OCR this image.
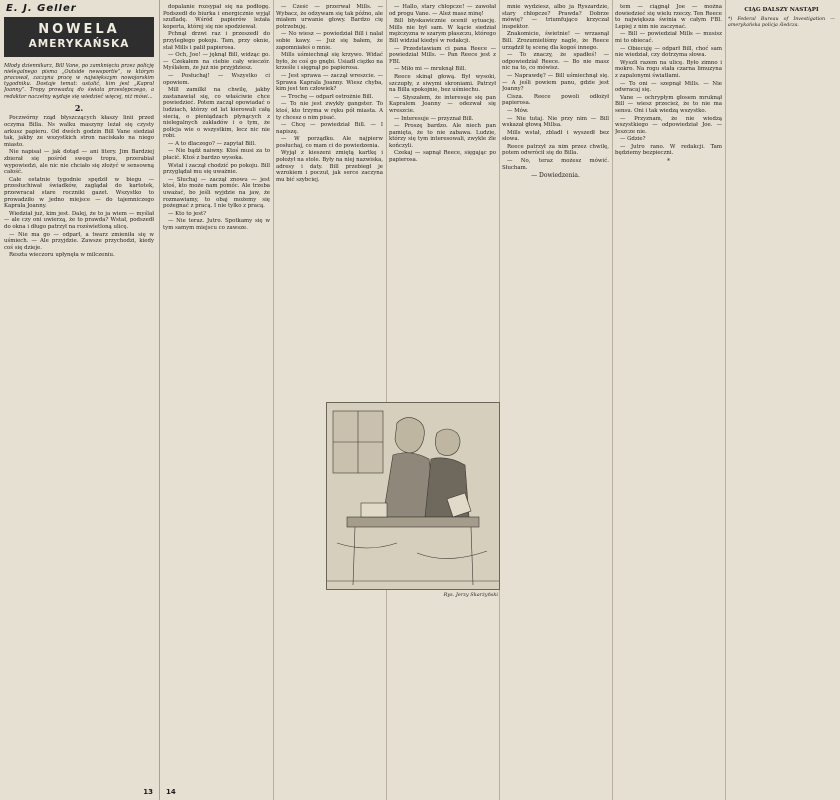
E. J. Geller
NOWELA
AMERYKAŃSKA
Młody dziennikarz, Bill Vane, po zamknięciu przez policję nielegalnego pisma „Outside newsportie”, w którym pracował, zaczyna pracę w największym nowojorskim tygodniku. Dostaje temat: ustalić, kim jest „Kapral Joanny”. Tropy prowadzą do świata przestępczego, a redaktor naczelny wydaje się wiedzieć więcej, niż mówi...
2.

Poczwórny rząd błyszczących kłaszy linii przed oczyma Billa. Ns walku maszyny leżał się czysty arkusz papieru. Od dwóch godzin Bill Vane siedział tak, jakby ze wszystkich stron naciskało na niego miasto.

Nie napisał — jak dotąd — ani litery. Jim Bardziej zbierał się pośród swego tropu, przerabiał wypowiedzi, ale nic nie chciało się złożyć w sensowną całość.

Całe ostatnie tygodnie spędził w biegu — przesłuchiwał świadków, zaglądał do kartotek, przewracał stare roczniki gazet. Wszystko to prowadziło w jedno miejsce — do tajemniczego Kaprala Joanny.

Wiedział już, kim jest. Dalej, że to ja wiem — myślał — ale czy oni uwierzą, że to prawda? Wstał, podszedł do okna i długo patrzył na rozświetloną ulicę.

— Nie ma go — odparł, a twarz zmieniła się w uśmiech. — Ale przyjdzie. Zawsze przychodzi, kiedy coś się dzieje.

Reszta wieczoru upłynęła w milczeniu.

13

dopalanie rozsypał się na podłogę. Podszedł do biurka i energicznie wyjął szufladę. Wśród papierów leżała koperta, której się nie spodziewał.

Pchnął drzwi raz i przeszedł do przyległego pokoju. Tam, przy oknie, stał Mills i palił papierosa.

— Och, Joe! — jęknął Bill, widząc go. — Czekałem na ciebie cały wieczór. Myślałem, że już nie przyjdziesz.

— Posłuchaj! — Wszystko ci opowiem.

Mill zamilkł na chwilę, jakby zastanawiał się, co właściwie chce powiedzieć. Potem zaczął opowiadać o ludziach, którzy od lat kierowali całą siecią, o pieniądzach płynących z nielegalnych zakładów i o tym, że policja wie o wszystkim, lecz nic nie robi.

— A to dlaczego? — zapytał Bill.

— Nie bądź naiwny. Ktoś musi za to płacić. Ktoś z bardzo wysoka.

Wstał i zaczął chodzić po pokoju. Bill przyglądał mu się uważnie.

— Słuchaj — zaczął znowu — jest ktoś, kto może nam pomóc. Ale trzeba uważać, bo jeśli wyjdzie na jaw, że rozmawiamy, to obaj możemy się pożegnać z pracą. I nie tylko z pracą.

— Kto to jest?

— Nie teraz. Jutro. Spotkamy się w tym samym miejscu co zawsze.

— Cześć — przerwał Mills. — Wybacz, że odzywam się tak późno, ale miałem urwanie głowy. Bardzo cię potrzebuję.

— No wiesz — powiedział Bill i nalał sobie kawy. — Już się bałem, że zapomniałeś o mnie.

Mills uśmiechnął się krzywo. Widać było, że coś go gnębi. Usiadł ciężko na krześle i sięgnął po papierosa.

— Jest sprawa — zaczął wreszcie. — Sprawa Kaprala Joanny. Wiesz chyba, kim jest ten człowiek?

— Trochę — odparł ostrożnie Bill.

— To nie jest zwykły gangster. To ktoś, kto trzyma w ręku pół miasta. A ty chcesz o nim pisać.

— Chcę — powiedział Bill. — I napiszę.

— W porządku. Ale najpierw posłuchaj, co mam ci do powiedzenia.

Wyjął z kieszeni zmiętą kartkę i położył na stole. Były na niej nazwiska, adresy i daty. Bill przebiegł je wzrokiem i poczuł, jak serce zaczyna mu bić szybciej.

— Hallo, stary chłopcze! — zawołał od progu Vane. — Ależ masz minę!

Bill błyskawicznie ocenił sytuację. Mills nie był sam. W kącie siedział mężczyzna w szarym płaszczu, którego Bill widział kiedyś w redakcji.

— Przedstawiam ci pana Reece — powiedział Mills. — Pan Reece jest z FBI.

— Miło mi — mruknął Bill.

Reece skinął głową. Był wysoki, szczupły, z siwymi skroniami. Patrzył na Billa spokojnie, bez uśmiechu.

— Słyszałem, że interesuje się pan Kapralem Joanny — odezwał się wreszcie.

— Interesuje — przyznał Bill.

— Proszę bardzo. Ale niech pan pamięta, że to nie zabawa. Ludzie, którzy się tym interesowali, zwykle źle kończyli.

Czekaj — sapnął Reece, sięgając po papierosa.

mnie wydziesz, albo ja Ryszardzie, stary chłopcze? Prawda? Dobrze mówię? — triumfująco krzyczał inspektor.

Znakomicie, świetnie! — wrzasnął Bill. Zrozumieliśmy nagle, że Reece urządził tę scenę dla kogoś innego.

— To znaczy, że spadłeś! — odpowiedział Reece. — Bo nie masz nic na to, co mówisz.

— Naprawdę? — Bill uśmiechnął się. — A jeśli powiem panu, gdzie jest Joanny?

Cisza. Reece powoli odłożył papierosa.

— Mów.

— Nie tutaj. Nie przy nim — Bill wskazał głową Millsa.

Mills wstał, zbladł i wyszedł bez słowa.

Reece patrzył za nim przez chwilę, potem odwrócił się do Billa.

— No, teraz możesz mówić. Słucham.

— Dowiedzenia.

tem — ciągnął Joe — można dowiedzieć się wielu rzeczy. Ten Reece to największa świnia w całym FBI. Lepiej z nim nie zaczynać.

— Bill — powiedział Mills — musisz mi to obiecać.

— Obiecuję — odparł Bill, choć sam nie wiedział, czy dotrzyma słowa.

Wyszli razem na ulicę. Było zimno i mokro. Na rogu stała czarna limuzyna z zapalonymi światłami.

— To oni — szepnął Mills. — Nie odwracaj się.

Vane — ochrypłym głosem mruknął Bill — wiesz przecież, że to nie ma sensu. Oni i tak wiedzą wszystko.

— Przyznam, że nie wiedzą wszystkiego — odpowiedział Joe. — Jeszcze nie.

— Gdzie?

— Jutro rano. W redakcji. Tam będziemy bezpieczni.

*
CIĄG DALSZY NASTĄPI
*) Federal Bureau of Investigation — amerykańska policja śledcza.
Rys. Jerzy Skarżyński
14
